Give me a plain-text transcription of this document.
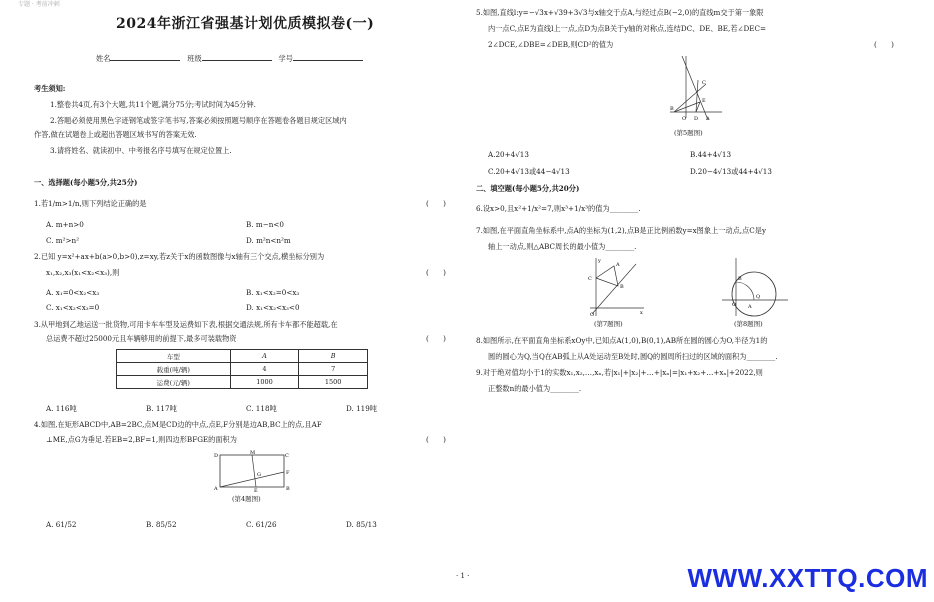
专题 · 考前冲刺
2024年浙江省强基计划优质模拟卷(一)
姓名	班级	学号
考生须知:
1.整卷共4页,有3个大题,共11个题,满分75分;考试时间为45分钟.
2.答题必须使用黑色字迹钢笔或签字笔书写,答案必须按照题号顺序在答题卷各题目规定区域内
作答,做在试题卷上或超出答题区域书写的答案无效.
3.请将姓名、就读初中、中考报名序号填写在规定位置上.
一、选择题(每小题5分,共25分)
1.若1/m>1/n,则下列结论正确的是	(　　)
A. m+n>0	B. m−n<0
C. m²>n²	D. m²n<n²m
2.已知 y=x²+ax+b(a>0,b>0),z=xy,若z关于x的函数图像与x轴有三个交点,横坐标分别为
x₁,x₂,x₃(x₁<x₂<x₃),则	(　　)
A. x₁=0<x₂<x₃	B. x₁<x₂=0<x₃
C. x₁<x₂<x₃=0	D. x₁<x₂<x₃<0
3.从甲地到乙地运送一批货物,可用卡车车型及运费如下表,根据交通法规,所有卡车都不能超载,在
总运费不超过25000元且车辆够用的前提下,最多可装载物资	(　　)
车型	A	B
载重(吨/辆)	4	7
运费(元/辆)	1000	1500
A. 116吨	B. 117吨	C. 118吨	D. 119吨
4.如图,在矩形ABCD中,AB=2BC,点M是CD边的中点,点E,F分别是边AB,BC上的点,且AF
⊥ME,点G为垂足.若EB=2,BF=1,则四边形BFGE的面积为	(　　)
D	M	C
F
A	E	B
G
(第4题图)
A. 61/52	B. 85/52	C. 61/26	D. 85/13
5.如图,直线l:y=−√3x+√39+3√3与x轴交于点A,与经过点B(−2,0)的直线m交于第一象限
内一点C,点E为直线l上一点,点D为点B关于y轴的对称点,连结DC、DE、BE,若∠DEC=
2∠DCE,∠DBE=∠DEB,则CD²的值为	(　　)
B
O D
E
C
A
(第5题图)
A.20+4√13	B.44+4√13
C.20+4√13或44−4√13	D.20−4√13或44+4√13
二、填空题(每小题5分,共20分)
6.设x>0,且x²+1/x²=7,则x³+1/x³的值为________.
7.如图,在平面直角坐标系中,点A的坐标为(1,2),点B是正比例函数y=x图象上一动点,点C是y
轴上一动点,则△ABC周长的最小值为________.
C
A
B
O	x
y
(第7题图)
O
Q
B
A
(第8题图)
8.如图所示,在平面直角坐标系xOy中,已知点A(1,0),B(0,1),AB所在圆的圆心为O,半径为1的
圆的圆心为Q,当Q在AB弧上从A处运动至B处时,圆Q的圆周所扫过的区域的面积为________.
9.对于绝对值均小于1的实数x₁,x₂,…,xₙ,若|x₁|+|x₂|+…+|xₙ|=|x₁+x₂+…+xₙ|+2022,则
正整数n的最小值为________.
· 1 ·	WWW.XXTTQ.COM
